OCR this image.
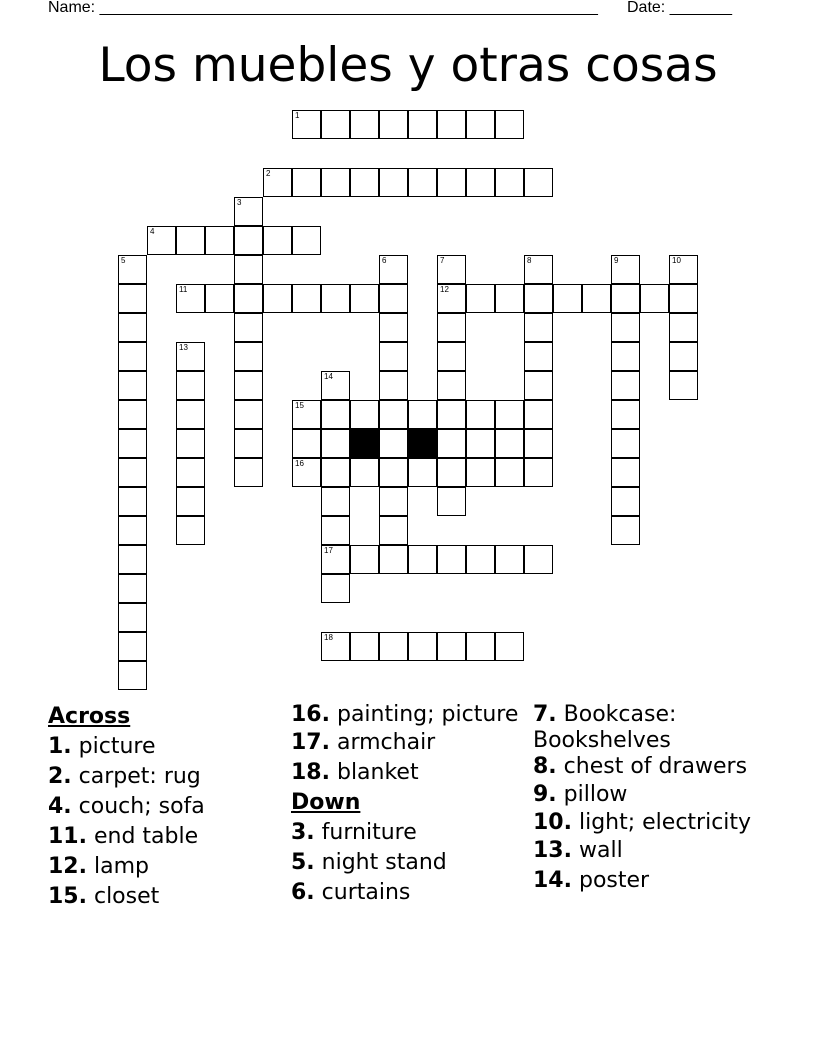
Name: ________________________________________________________ Date: _______
Los muebles y otras cosas
1
2
3
4
5	6	7
12
8	9	10
11
13
14
17
15
16
18
Across
1. picture
2. carpet: rug
4. couch; sofa
11. end table
12. lamp
15. closet
16. painting; picture
17. armchair
18. blanket
Down
3. furniture
5. night stand
6. curtains
7. Bookcase: Bookshelves
8. chest of drawers
9. pillow
10. light; electricity
13. wall
14. poster
